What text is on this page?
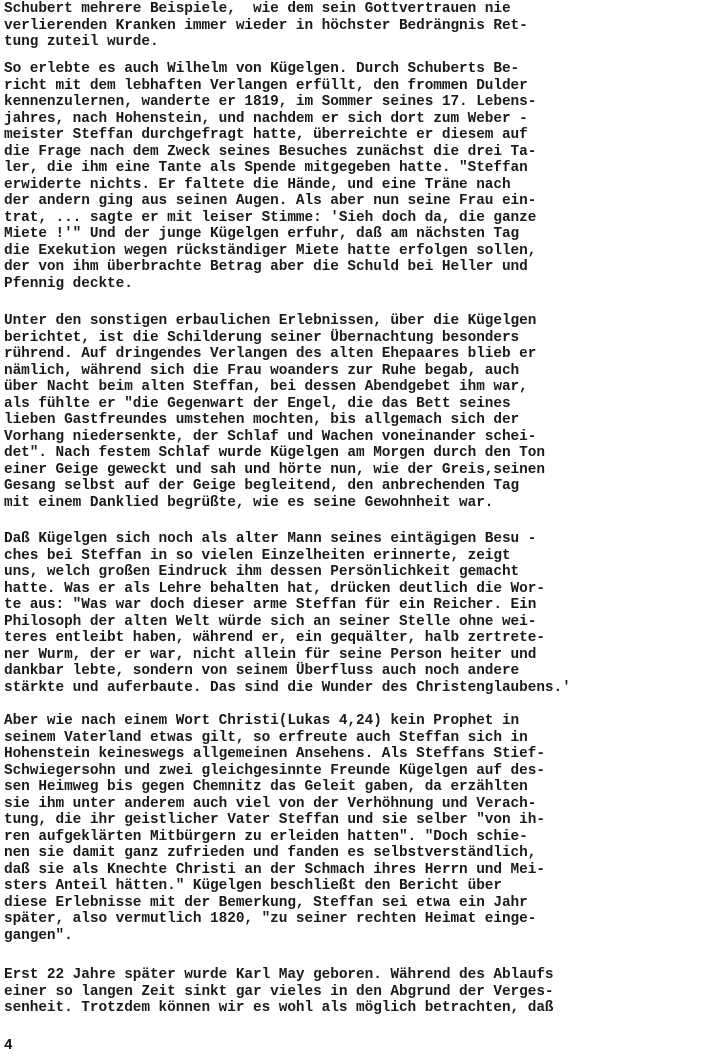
Schubert mehrere Beispiele,  wie dem sein Gottvertrauen nie
verlierenden Kranken immer wieder in höchster Bedrängnis Ret-
tung zuteil wurde.
So erlebte es auch Wilhelm von Kügelgen. Durch Schuberts Be-
richt mit dem lebhaften Verlangen erfüllt, den frommen Dulder
kennenzulernen, wanderte er 1819, im Sommer seines 17. Lebens-
jahres, nach Hohenstein, und nachdem er sich dort zum Weber -
meister Steffan durchgefragt hatte, überreichte er diesem auf
die Frage nach dem Zweck seines Besuches zunächst die drei Ta-
ler, die ihm eine Tante als Spende mitgegeben hatte. "Steffan
erwiderte nichts. Er faltete die Hände, und eine Träne nach
der andern ging aus seinen Augen. Als aber nun seine Frau ein-
trat, ... sagte er mit leiser Stimme: 'Sieh doch da, die ganze
Miete !'" Und der junge Kügelgen erfuhr, daß am nächsten Tag
die Exekution wegen rückständiger Miete hatte erfolgen sollen,
der von ihm überbrachte Betrag aber die Schuld bei Heller und
Pfennig deckte.
Unter den sonstigen erbaulichen Erlebnissen, über die Kügelgen
berichtet, ist die Schilderung seiner Übernachtung besonders
rührend. Auf dringendes Verlangen des alten Ehepaares blieb er
nämlich, während sich die Frau woanders zur Ruhe begab, auch
über Nacht beim alten Steffan, bei dessen Abendgebet ihm war,
als fühlte er "die Gegenwart der Engel, die das Bett seines
lieben Gastfreundes umstehen mochten, bis allgemach sich der
Vorhang niedersenkte, der Schlaf und Wachen voneinander schei-
det". Nach festem Schlaf wurde Kügelgen am Morgen durch den Ton
einer Geige geweckt und sah und hörte nun, wie der Greis,seinen
Gesang selbst auf der Geige begleitend, den anbrechenden Tag
mit einem Danklied begrüßte, wie es seine Gewohnheit war.
Daß Kügelgen sich noch als alter Mann seines eintägigen Besu -
ches bei Steffan in so vielen Einzelheiten erinnerte, zeigt
uns, welch großen Eindruck ihm dessen Persönlichkeit gemacht
hatte. Was er als Lehre behalten hat, drücken deutlich die Wor-
te aus: "Was war doch dieser arme Steffan für ein Reicher. Ein
Philosoph der alten Welt würde sich an seiner Stelle ohne wei-
teres entleibt haben, während er, ein gequälter, halb zertrete-
ner Wurm, der er war, nicht allein für seine Person heiter und
dankbar lebte, sondern von seinem Überfluss auch noch andere
stärkte und auferbaute. Das sind die Wunder des Christenglaubens.'
Aber wie nach einem Wort Christi(Lukas 4,24) kein Prophet in
seinem Vaterland etwas gilt, so erfreute auch Steffan sich in
Hohenstein keineswegs allgemeinen Ansehens. Als Steffans Stief-
Schwiegersohn und zwei gleichgesinnte Freunde Kügelgen auf des-
sen Heimweg bis gegen Chemnitz das Geleit gaben, da erzählten
sie ihm unter anderem auch viel von der Verhöhnung und Verach-
tung, die ihr geistlicher Vater Steffan und sie selber "von ih-
ren aufgeklärten Mitbürgern zu erleiden hatten". "Doch schie-
nen sie damit ganz zufrieden und fanden es selbstverständlich,
daß sie als Knechte Christi an der Schmach ihres Herrn und Mei-
sters Anteil hätten." Kügelgen beschließt den Bericht über
diese Erlebnisse mit der Bemerkung, Steffan sei etwa ein Jahr
später, also vermutlich 1820, "zu seiner rechten Heimat einge-
gangen".
Erst 22 Jahre später wurde Karl May geboren. Während des Ablaufs
einer so langen Zeit sinkt gar vieles in den Abgrund der Verges-
senheit. Trotzdem können wir es wohl als möglich betrachten, daß
4
